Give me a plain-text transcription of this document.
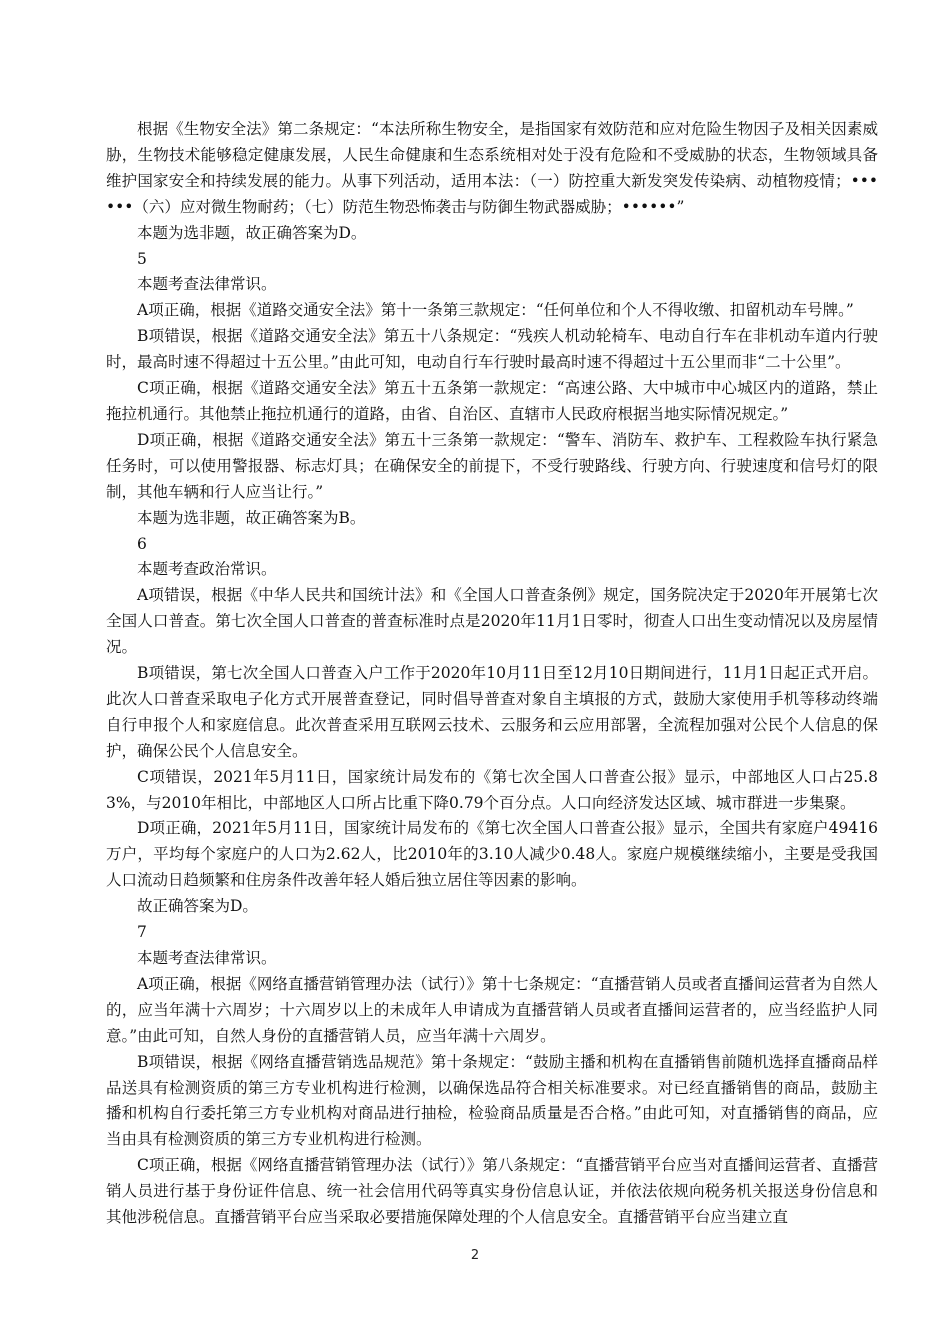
根据《生物安全法》第二条规定：“本法所称生物安全，是指国家有效防范和应对危险生物因子及相关因素威胁，生物技术能够稳定健康发展，人民生命健康和生态系统相对处于没有危险和不受威胁的状态，生物领域具备维护国家安全和持续发展的能力。从事下列活动，适用本法：（一）防控重大新发突发传染病、动植物疫情；••••••（六）应对微生物耐药；（七）防范生物恐怖袭击与防御生物武器威胁；••••••”

本题为选非题，故正确答案为D。

5

本题考查法律常识。

A项正确，根据《道路交通安全法》第十一条第三款规定：“任何单位和个人不得收缴、扣留机动车号牌。”

B项错误，根据《道路交通安全法》第五十八条规定：“残疾人机动轮椅车、电动自行车在非机动车道内行驶时，最高时速不得超过十五公里。”由此可知，电动自行车行驶时最高时速不得超过十五公里而非“二十公里”。

C项正确，根据《道路交通安全法》第五十五条第一款规定：“高速公路、大中城市中心城区内的道路，禁止拖拉机通行。其他禁止拖拉机通行的道路，由省、自治区、直辖市人民政府根据当地实际情况规定。”

D项正确，根据《道路交通安全法》第五十三条第一款规定：“警车、消防车、救护车、工程救险车执行紧急任务时，可以使用警报器、标志灯具；在确保安全的前提下，不受行驶路线、行驶方向、行驶速度和信号灯的限制，其他车辆和行人应当让行。”

本题为选非题，故正确答案为B。

6

本题考查政治常识。

A项错误，根据《中华人民共和国统计法》和《全国人口普查条例》规定，国务院决定于2020年开展第七次全国人口普查。第七次全国人口普查的普查标准时点是2020年11月1日零时，彻查人口出生变动情况以及房屋情况。

B项错误，第七次全国人口普查入户工作于2020年10月11日至12月10日期间进行，11月1日起正式开启。此次人口普查采取电子化方式开展普查登记，同时倡导普查对象自主填报的方式，鼓励大家使用手机等移动终端自行申报个人和家庭信息。此次普查采用互联网云技术、云服务和云应用部署，全流程加强对公民个人信息的保护，确保公民个人信息安全。

C项错误，2021年5月11日，国家统计局发布的《第七次全国人口普查公报》显示，中部地区人口占25.83%，与2010年相比，中部地区人口所占比重下降0.79个百分点。人口向经济发达区域、城市群进一步集聚。

D项正确，2021年5月11日，国家统计局发布的《第七次全国人口普查公报》显示，全国共有家庭户49416万户，平均每个家庭户的人口为2.62人，比2010年的3.10人减少0.48人。家庭户规模继续缩小，主要是受我国人口流动日趋频繁和住房条件改善年轻人婚后独立居住等因素的影响。

故正确答案为D。

7

本题考查法律常识。

A项正确，根据《网络直播营销管理办法（试行）》第十七条规定：“直播营销人员或者直播间运营者为自然人的，应当年满十六周岁；十六周岁以上的未成年人申请成为直播营销人员或者直播间运营者的，应当经监护人同意。”由此可知，自然人身份的直播营销人员，应当年满十六周岁。

B项错误，根据《网络直播营销选品规范》第十条规定：“鼓励主播和机构在直播销售前随机选择直播商品样品送具有检测资质的第三方专业机构进行检测，以确保选品符合相关标准要求。对已经直播销售的商品，鼓励主播和机构自行委托第三方专业机构对商品进行抽检，检验商品质量是否合格。”由此可知，对直播销售的商品，应当由具有检测资质的第三方专业机构进行检测。

C项正确，根据《网络直播营销管理办法（试行）》第八条规定：“直播营销平台应当对直播间运营者、直播营销人员进行基于身份证件信息、统一社会信用代码等真实身份信息认证，并依法依规向税务机关报送身份信息和其他涉税信息。直播营销平台应当采取必要措施保障处理的个人信息安全。直播营销平台应当建立直

2
